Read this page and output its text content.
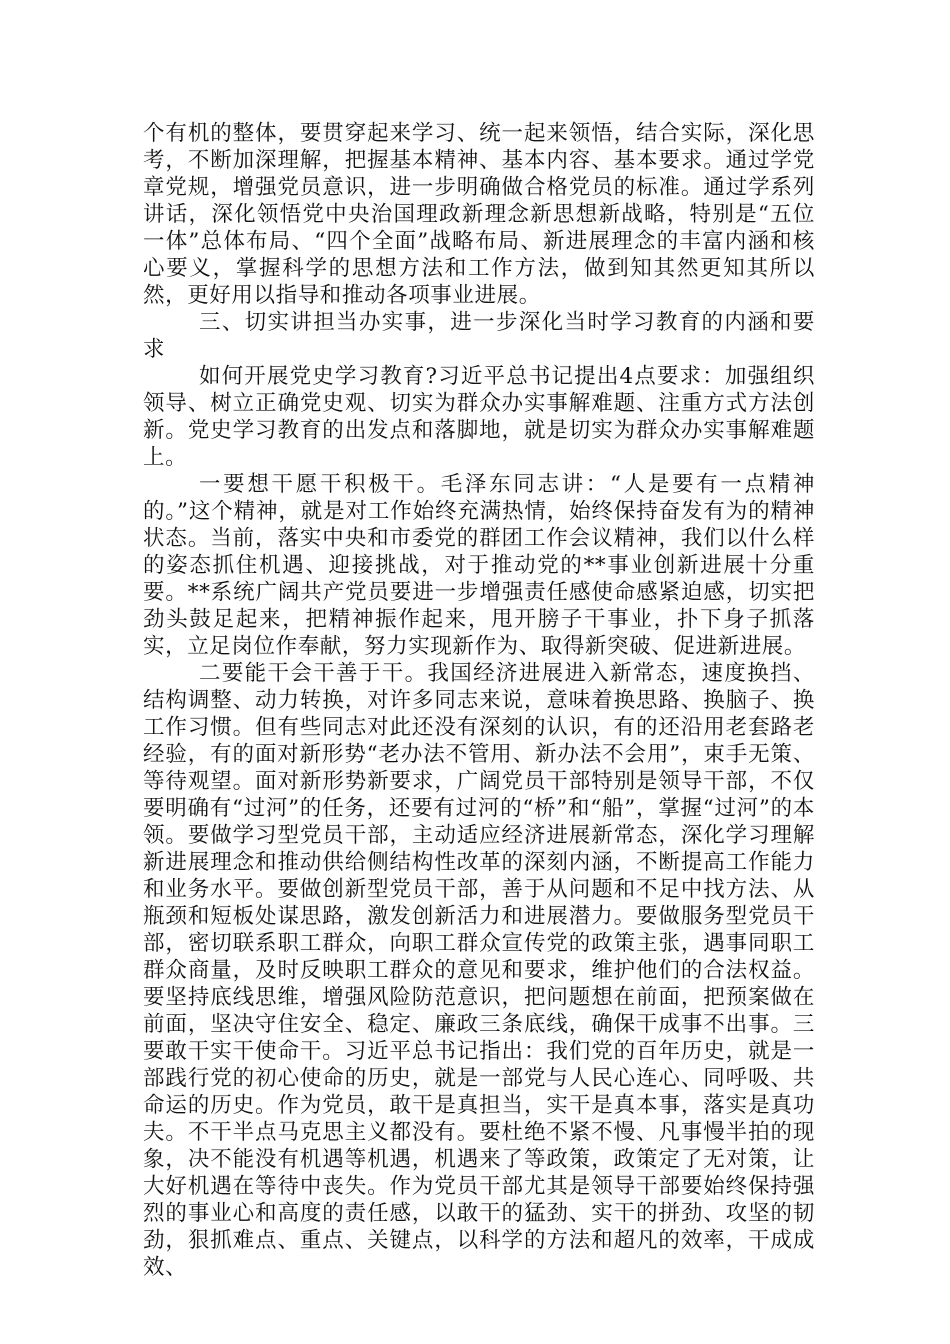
个有机的整体，要贯穿起来学习、统一起来领悟，结合实际，深化思考，不断加深理解，把握基本精神、基本内容、基本要求。通过学党章党规，增强党员意识，进一步明确做合格党员的标准。通过学系列讲话，深化领悟党中央治国理政新理念新思想新战略，特别是“五位一体”总体布局、“四个全面”战略布局、新进展理念的丰富内涵和核心要义，掌握科学的思想方法和工作方法，做到知其然更知其所以然，更好用以指导和推动各项事业进展。

三、切实讲担当办实事，进一步深化当时学习教育的内涵和要求

如何开展党史学习教育?习近平总书记提出4点要求：加强组织领导、树立正确党史观、切实为群众办实事解难题、注重方式方法创新。党史学习教育的出发点和落脚地，就是切实为群众办实事解难题上。

一要想干愿干积极干。毛泽东同志讲：“人是要有一点精神的。”这个精神，就是对工作始终充满热情，始终保持奋发有为的精神状态。当前，落实中央和市委党的群团工作会议精神，我们以什么样的姿态抓住机遇、迎接挑战，对于推动党的**事业创新进展十分重要。**系统广阔共产党员要进一步增强责任感使命感紧迫感，切实把劲头鼓足起来，把精神振作起来，甩开膀子干事业，扑下身子抓落实，立足岗位作奉献，努力实现新作为、取得新突破、促进新进展。

二要能干会干善于干。我国经济进展进入新常态，速度换挡、结构调整、动力转换，对许多同志来说，意味着换思路、换脑子、换工作习惯。但有些同志对此还没有深刻的认识，有的还沿用老套路老经验，有的面对新形势“老办法不管用、新办法不会用”，束手无策、等待观望。面对新形势新要求，广阔党员干部特别是领导干部，不仅要明确有“过河”的任务，还要有过河的“桥”和“船”，掌握“过河”的本领。要做学习型党员干部，主动适应经济进展新常态，深化学习理解新进展理念和推动供给侧结构性改革的深刻内涵，不断提高工作能力和业务水平。要做创新型党员干部，善于从问题和不足中找方法、从瓶颈和短板处谋思路，激发创新活力和进展潜力。要做服务型党员干部，密切联系职工群众，向职工群众宣传党的政策主张，遇事同职工群众商量，及时反映职工群众的意见和要求，维护他们的合法权益。要坚持底线思维，增强风险防范意识，把问题想在前面，把预案做在前面，坚决守住安全、稳定、廉政三条底线，确保干成事不出事。三要敢干实干使命干。习近平总书记指出：我们党的百年历史，就是一部践行党的初心使命的历史，就是一部党与人民心连心、同呼吸、共命运的历史。作为党员，敢干是真担当，实干是真本事，落实是真功夫。不干半点马克思主义都没有。要杜绝不紧不慢、凡事慢半拍的现象，决不能没有机遇等机遇，机遇来了等政策，政策定了无对策，让大好机遇在等待中丧失。作为党员干部尤其是领导干部要始终保持强烈的事业心和高度的责任感，以敢干的猛劲、实干的拼劲、攻坚的韧劲，狠抓难点、重点、关键点，以科学的方法和超凡的效率，干成成效、
